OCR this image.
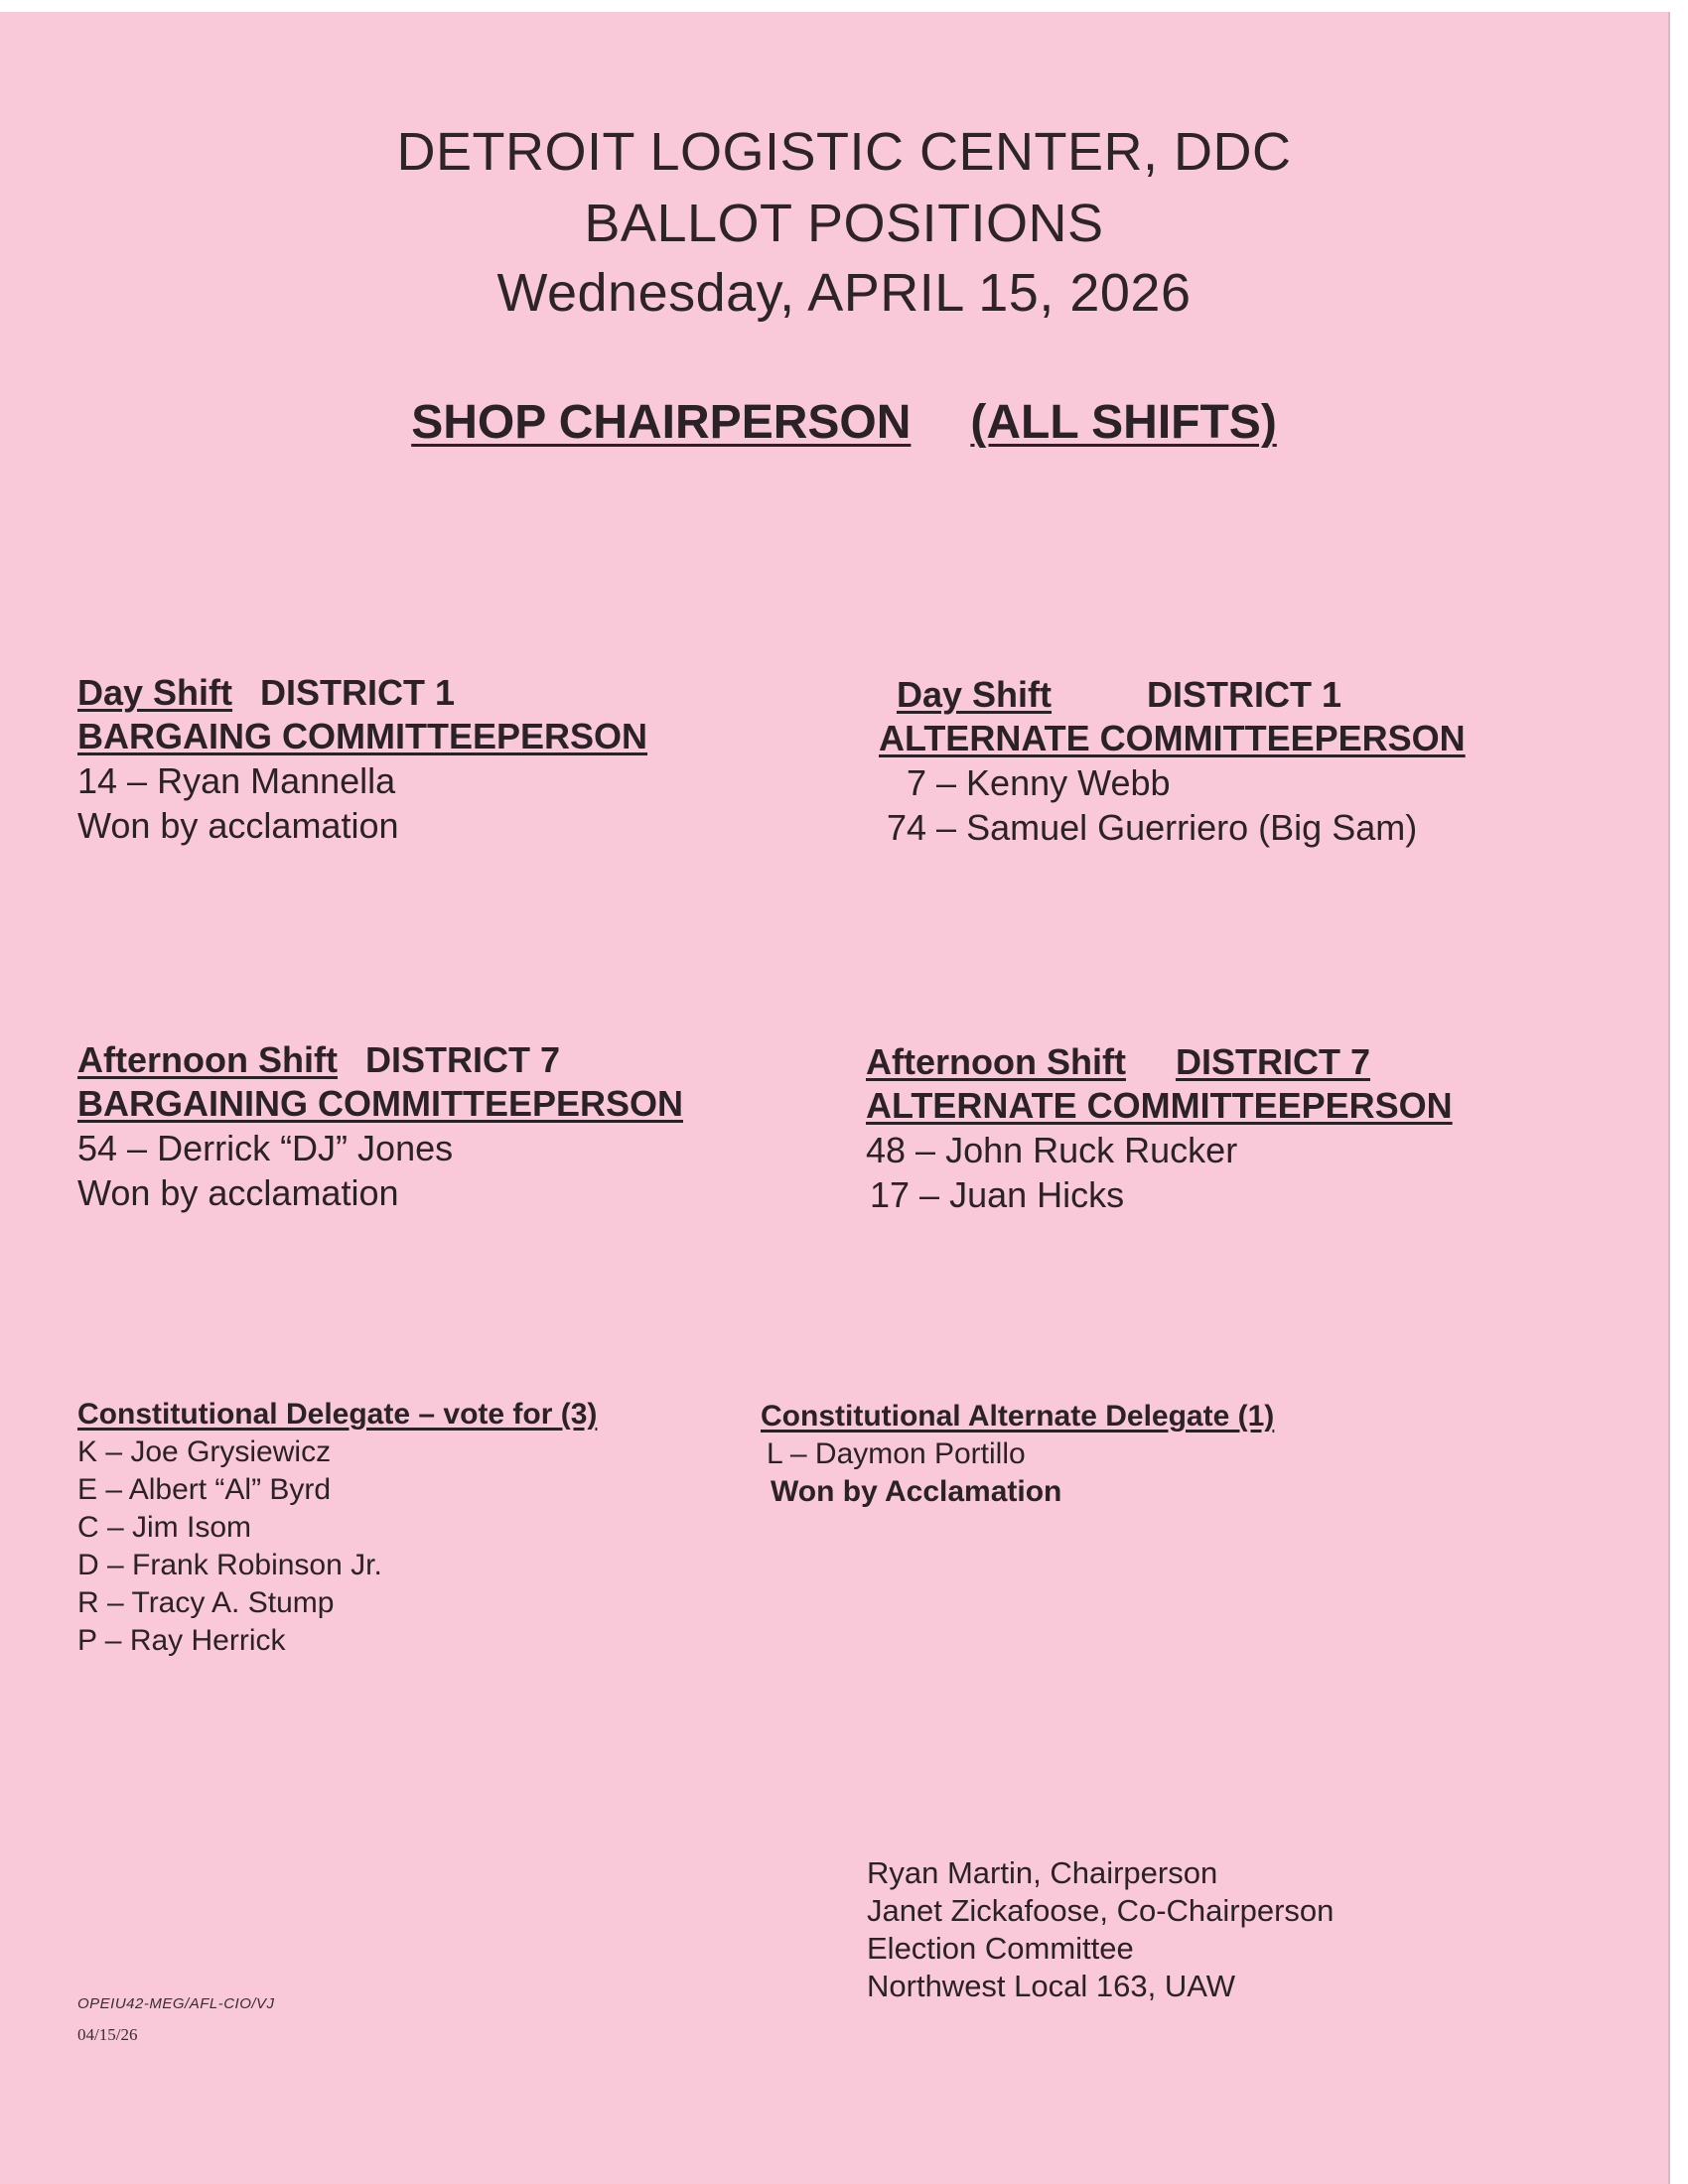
DETROIT LOGISTIC CENTER, DDC
BALLOT POSITIONS
Wednesday, APRIL 15, 2026
SHOP CHAIRPERSON (ALL SHIFTS)
Day Shift DISTRICT 1
BARGAING COMMITTEEPERSON
14 – Ryan Mannella
Won by acclamation
Day Shift	DISTRICT 1
ALTERNATE COMMITTEEPERSON
7 – Kenny Webb
74 – Samuel Guerriero (Big Sam)
Afternoon Shift DISTRICT 7
BARGAINING COMMITTEEPERSON
54 – Derrick “DJ” Jones
Won by acclamation
Afternoon Shift DISTRICT 7
ALTERNATE COMMITTEEPERSON
48 – John Ruck Rucker
17 – Juan Hicks
Constitutional Delegate – vote for (3)
K – Joe Grysiewicz
E – Albert “Al” Byrd
C – Jim Isom
D – Frank Robinson Jr.
R – Tracy A. Stump
P – Ray Herrick
Constitutional Alternate Delegate (1)
L – Daymon Portillo
Won by Acclamation
Ryan Martin, Chairperson
Janet Zickafoose, Co-Chairperson
Election Committee
Northwest Local 163, UAW
OPEIU42-MEG/AFL-CIO/VJ
04/15/26
